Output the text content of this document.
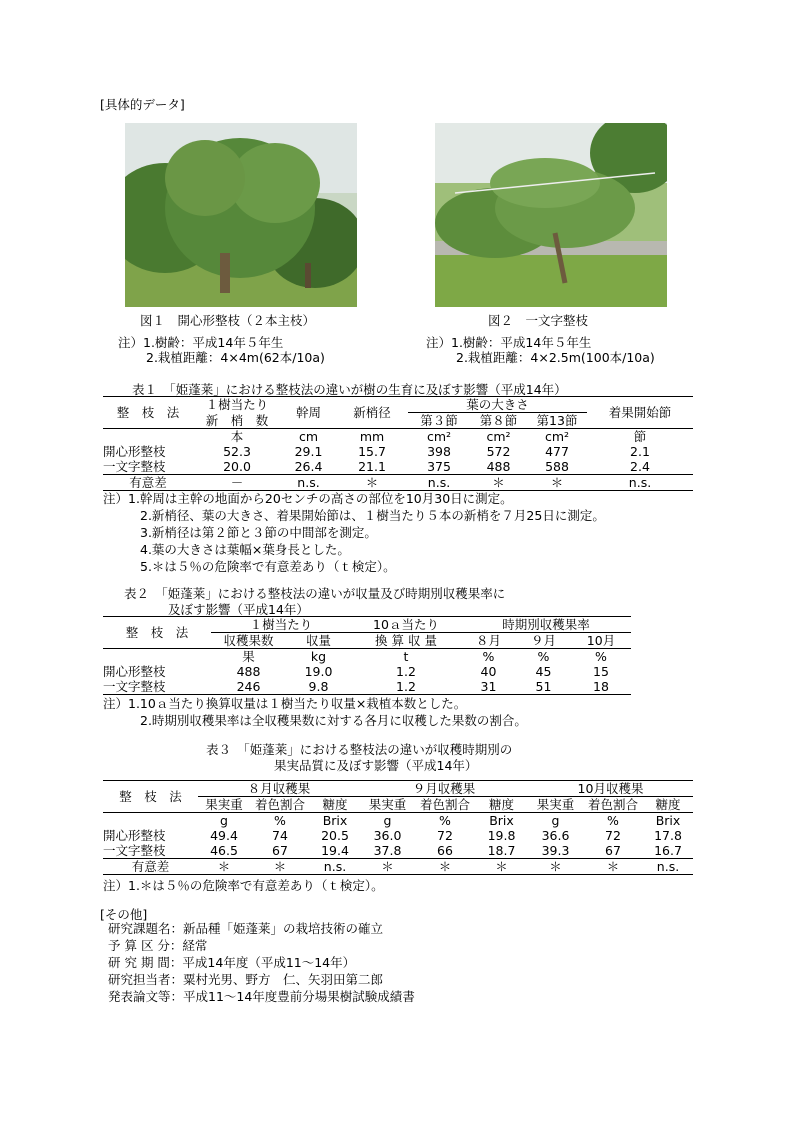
[具体的データ]
図１　開心形整枝（２本主枝）
注）1.樹齢：平成14年５年生
2.栽植距離：4×4m(62本/10a)
図２　一文字整枝
注）1.樹齢：平成14年５年生
2.栽植距離：4×2.5m(100本/10a)
表１　「姫蓬莱」における整枝法の違いが樹の生育に及ぼす影響（平成14年）
整　枝　法	１樹当たり	幹周	新梢径	葉の大きさ			着果開始節
	新　梢　数			第３節	第８節	第13節	
	本	cm	mm	cm²	cm²	cm²	節
開心形整枝	52.3	29.1	15.7	398	572	477	2.1
一文字整枝	20.0	26.4	21.1	375	488	588	2.4
有意差	－	n.s.	＊	n.s.	＊	＊	n.s.
注）1.幹周は主幹の地面から20センチの高さの部位を10月30日に測定。
2.新梢径、葉の大きさ、着果開始節は、１樹当たり５本の新梢を７月25日に測定。
3.新梢径は第２節と３節の中間部を測定。
4.葉の大きさは葉幅×葉身長とした。
5.＊は５％の危険率で有意差あり（ｔ検定）。
表２　「姫蓬莱」における整枝法の違いが収量及び時期別収穫果率に
及ぼす影響（平成14年）
整　枝　法	１樹当たり		10ａ当たり	時期別収穫果率		
	収穫果数	収量	換 算 収 量	８月	９月	10月
	果	kg	t	%	%	%
開心形整枝	488	19.0	1.2	40	45	15
一文字整枝	246	9.8	1.2	31	51	18
注）1.10ａ当たり換算収量は１樹当たり収量×栽植本数とした。
2.時期別収穫果率は全収穫果数に対する各月に収穫した果数の割合。
表３　「姫蓬莱」における整枝法の違いが収穫時期別の
果実品質に及ぼす影響（平成14年）
整　枝　法	８月収穫果			９月収穫果			10月収穫果		
	果実重	着色割合	糖度	果実重	着色割合	糖度	果実重	着色割合	糖度
	g	%	Brix	g	%	Brix	g	%	Brix
開心形整枝	49.4	74	20.5	36.0	72	19.8	36.6	72	17.8
一文字整枝	46.5	67	19.4	37.8	66	18.7	39.3	67	16.7
有意差	＊	＊	n.s.	＊	＊	＊	＊	＊	n.s.
注）1.＊は５％の危険率で有意差あり（ｔ検定）。
[その他]
研究課題名：新品種「姫蓬莱」の栽培技術の確立
予 算 区 分：経常
研 究 期 間：平成14年度（平成11～14年）
研究担当者：粟村光男、野方　仁、矢羽田第二郎
発表論文等：平成11～14年度豊前分場果樹試験成績書
